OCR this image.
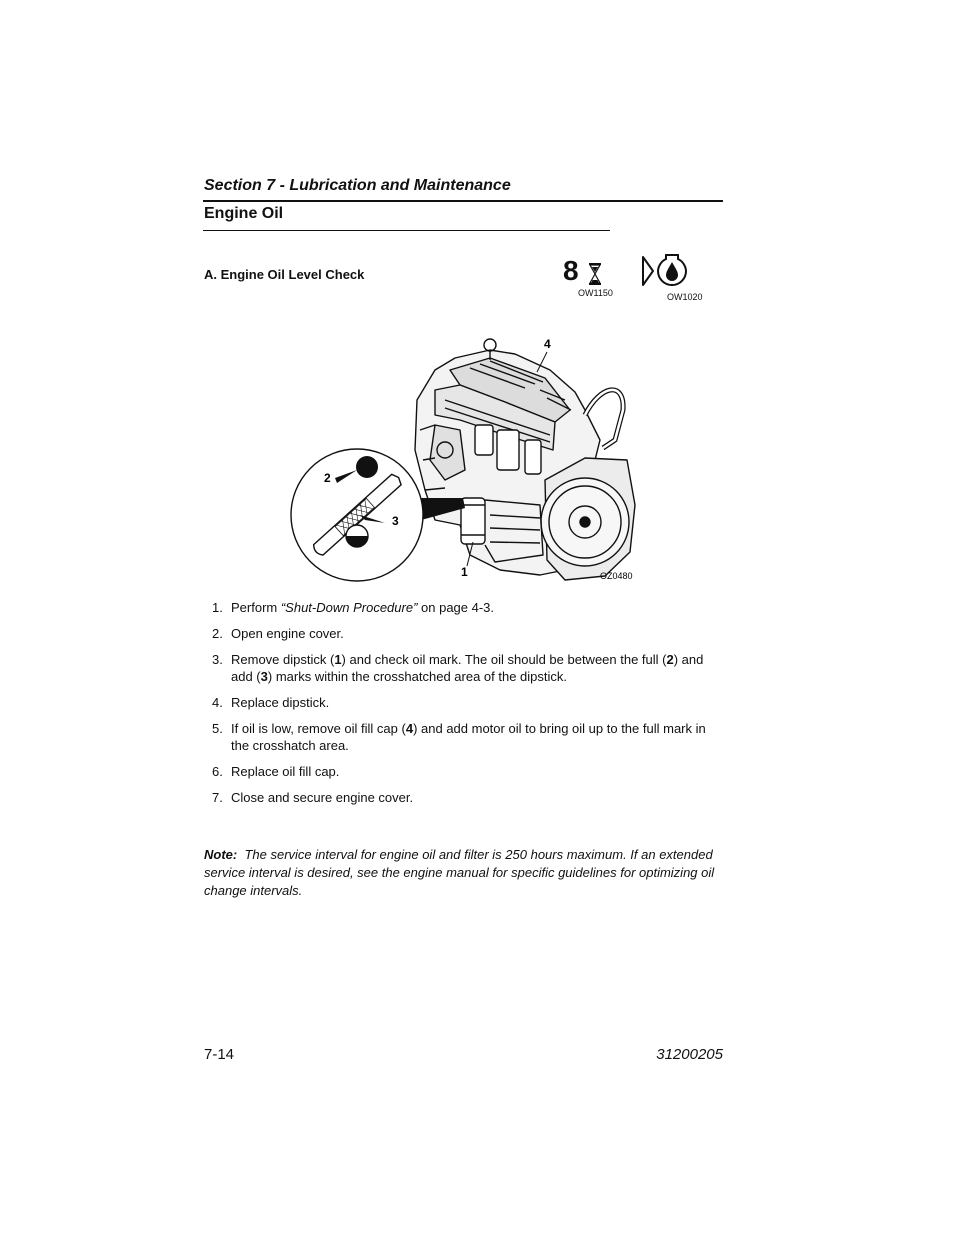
Section 7 - Lubrication and Maintenance
Engine Oil
A. Engine Oil Level Check	8
OW1150	OW1020
1
2
3
4
OZ0480
1. Perform “Shut-Down Procedure” on page 4-3.
2. Open engine cover.
3. Remove dipstick (1) and check oil mark. The oil should be between the full (2) and add (3) marks within the crosshatched area of the dipstick.
4. Replace dipstick.
5. If oil is low, remove oil fill cap (4) and add motor oil to bring oil up to the full mark in the crosshatch area.
6. Replace oil fill cap.
7. Close and secure engine cover.
Note: The service interval for engine oil and filter is 250 hours maximum. If an extended service interval is desired, see the engine manual for specific guidelines for optimizing oil change intervals.
7-14	31200205
